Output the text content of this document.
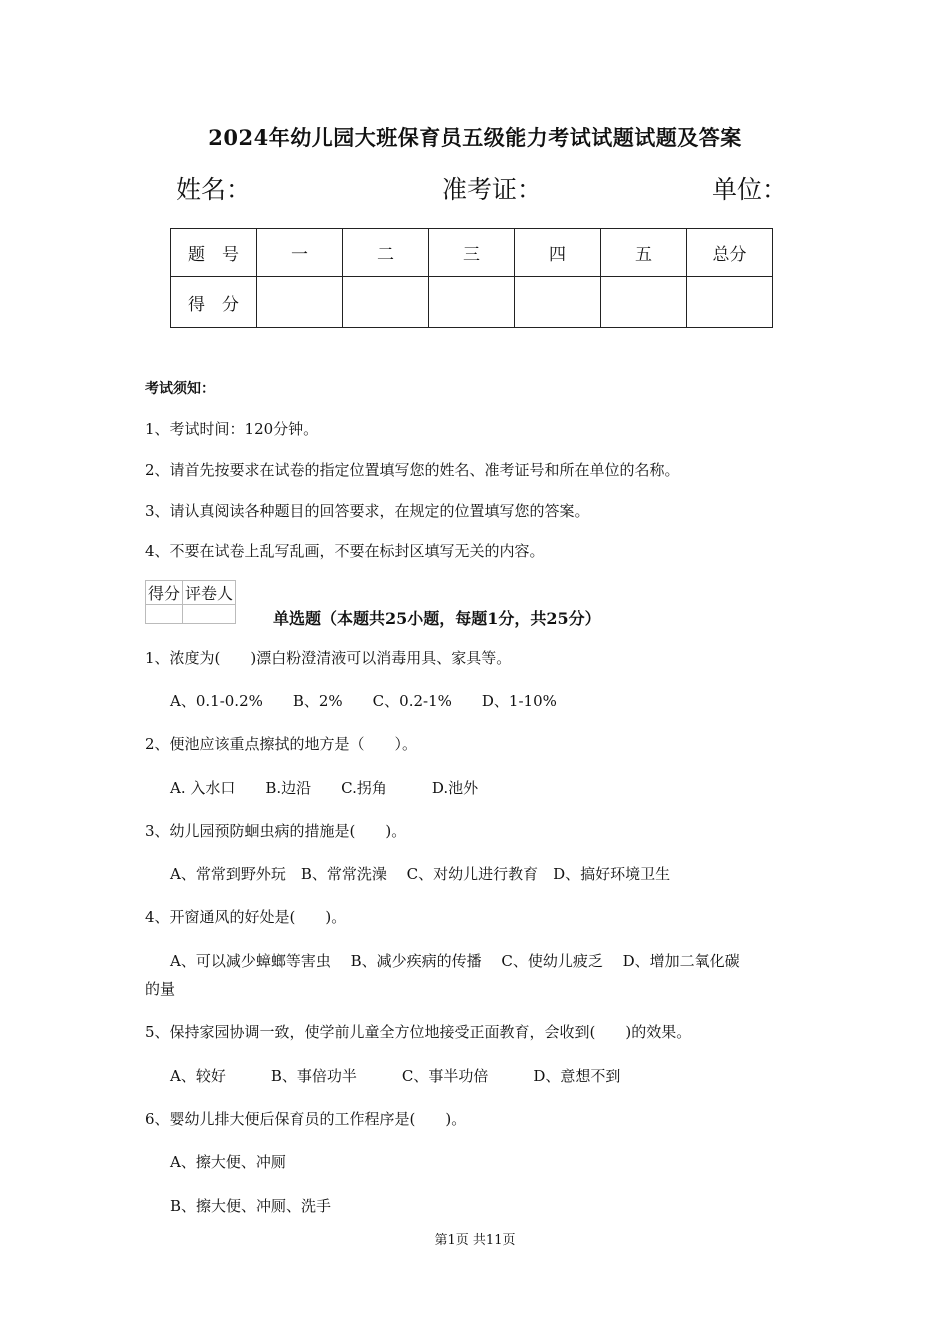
2024年幼儿园大班保育员五级能力考试试题试题及答案
姓名：	准考证：	单位：
题　号	一	二	三	四	五	总分
得　分						
考试须知：
1、考试时间：120分钟。
2、请首先按要求在试卷的指定位置填写您的姓名、准考证号和所在单位的名称。
3、请认真阅读各种题目的回答要求，在规定的位置填写您的答案。
4、不要在试卷上乱写乱画，不要在标封区填写无关的内容。
得分	评卷人

单选题（本题共25小题，每题1分，共25分）
1、浓度为(　　)漂白粉澄清液可以消毒用具、家具等。
A、0.1-0.2%　　B、2%　　C、0.2-1%　　D、1-10%
2、便池应该重点擦拭的地方是（　　）。
A. 入水口　　B.边沿　　C.拐角　　　D.池外
3、幼儿园预防蛔虫病的措施是(　　)。
A、常常到野外玩　B、常常洗澡　 C、对幼儿进行教育　D、搞好环境卫生
4、开窗通风的好处是(　　)。
A、可以减少蟑螂等害虫　 B、减少疾病的传播　 C、使幼儿疲乏　 D、增加二氧化碳
的量
5、保持家园协调一致，使学前儿童全方位地接受正面教育，会收到(　　)的效果。
A、较好　　　B、事倍功半　　　C、事半功倍　　　D、意想不到
6、婴幼儿排大便后保育员的工作程序是(　　)。
A、擦大便、冲厕
B、擦大便、冲厕、洗手
第1页 共11页
